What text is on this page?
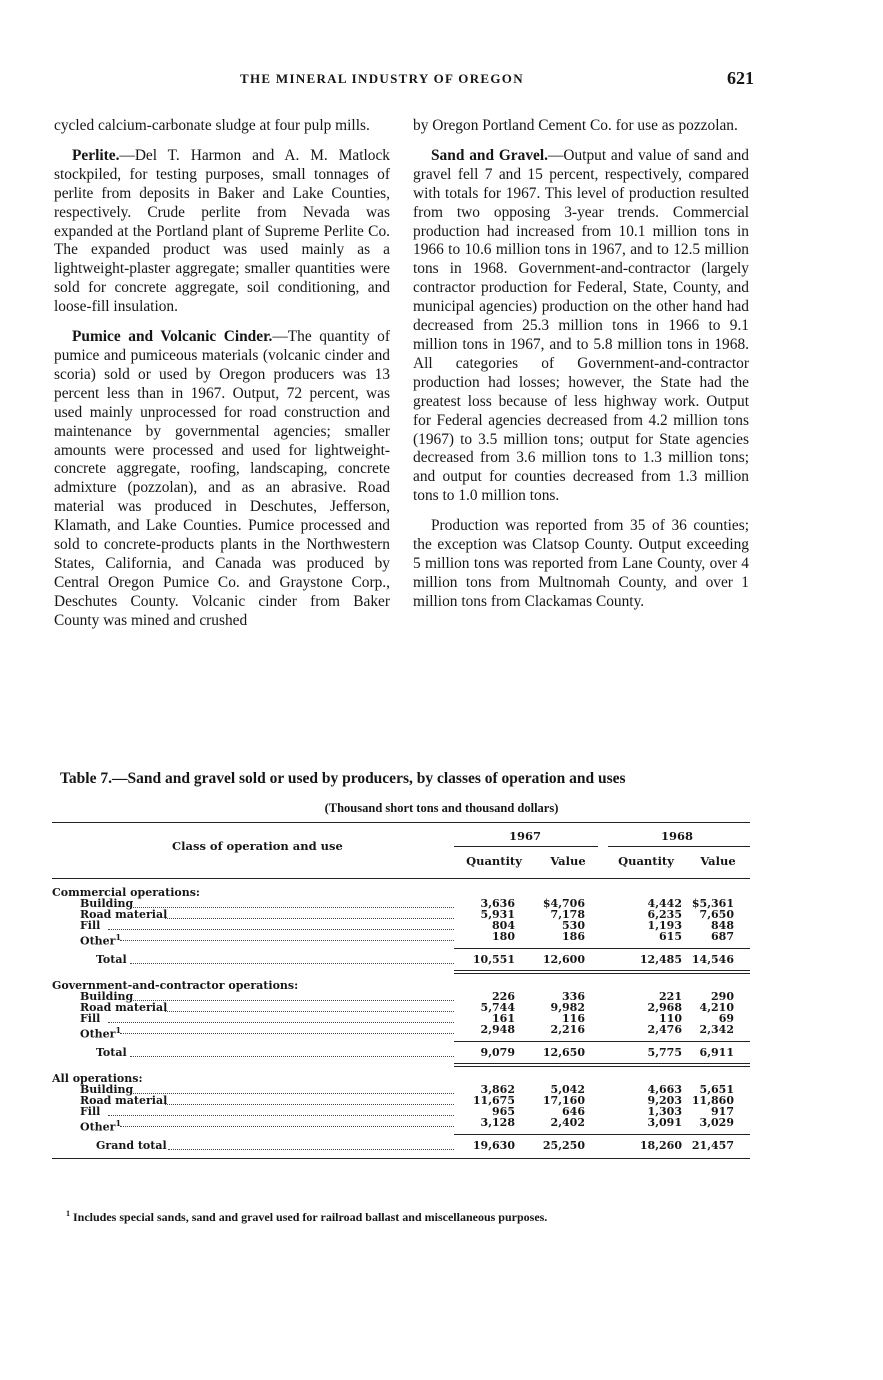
THE MINERAL INDUSTRY OF OREGON	621

cycled calcium-carbonate sludge at four pulp mills.

Perlite.—Del T. Harmon and A. M. Matlock stockpiled, for testing purposes, small tonnages of perlite from deposits in Baker and Lake Counties, respectively. Crude perlite from Nevada was expanded at the Portland plant of Supreme Perlite Co. The expanded product was used mainly as a lightweight-plaster aggregate; smaller quantities were sold for concrete aggregate, soil conditioning, and loose-fill insulation.

Pumice and Volcanic Cinder.—The quantity of pumice and pumiceous materials (volcanic cinder and scoria) sold or used by Oregon producers was 13 percent less than in 1967. Output, 72 percent, was used mainly unprocessed for road construction and maintenance by governmental agencies; smaller amounts were processed and used for lightweight-concrete aggregate, roofing, landscaping, concrete admixture (pozzolan), and as an abrasive. Road material was produced in Deschutes, Jefferson, Klamath, and Lake Counties. Pumice processed and sold to concrete-products plants in the Northwestern States, California, and Canada was produced by Central Oregon Pumice Co. and Graystone Corp., Deschutes County. Volcanic cinder from Baker County was mined and crushed

by Oregon Portland Cement Co. for use as pozzolan.

Sand and Gravel.—Output and value of sand and gravel fell 7 and 15 percent, respectively, compared with totals for 1967. This level of production resulted from two opposing 3-year trends. Commercial production had increased from 10.1 million tons in 1966 to 10.6 million tons in 1967, and to 12.5 million tons in 1968. Government-and-contractor (largely contractor production for Federal, State, County, and municipal agencies) production on the other hand had decreased from 25.3 million tons in 1966 to 9.1 million tons in 1967, and to 5.8 million tons in 1968. All categories of Government-and-contractor production had losses; however, the State had the greatest loss because of less highway work. Output for Federal agencies decreased from 4.2 million tons (1967) to 3.5 million tons; output for State agencies decreased from 3.6 million tons to 1.3 million tons; and output for counties decreased from 1.3 million tons to 1.0 million tons.

Production was reported from 35 of 36 counties; the exception was Clatsop County. Output exceeding 5 million tons was reported from Lane County, over 4 million tons from Multnomah County, and over 1 million tons from Clackamas County.

Table 7.—Sand and gravel sold or used by producers, by classes of operation and uses
(Thousand short tons and thousand dollars)
Class of operation and use
1967	1968
Quantity	Value	Quantity	Value
Commercial operations:
Building	3,636	$4,706	4,442 $5,361
Road material	5,931	7,178	6,235	7,650
Fill	804	530	1,193	848
Other$^1$	180	186	615	687
Total	10,551	12,600	12,485 14,546
Government-and-contractor operations:
Building	226	336	221	290
Road material	5,744	9,982	2,968	4,210
Fill	161	116	110	69
Other$^1$	2,948	2,216	2,476	2,342
Total	9,079	12,650	5,775	6,911
All operations:
Building	3,862	5,042	4,663	5,651
Road material	11,675	17,160	9,203 11,860
Fill	965	646	1,303	917
Other$^1$	3,128	2,402	3,091	3,029
Grand total	19,630	25,250	18,260 21,457
$^1$ Includes special sands, sand and gravel used for railroad ballast and miscellaneous purposes.
